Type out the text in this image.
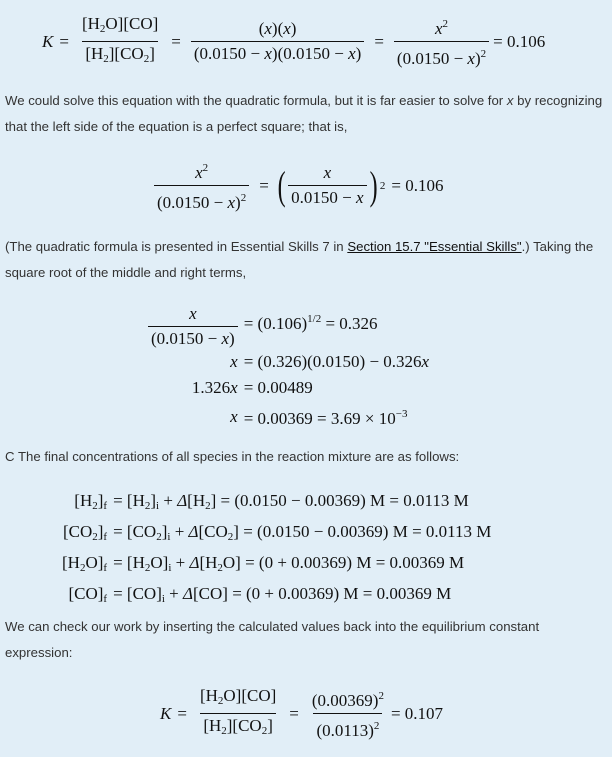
$K = \frac{[H_2O][CO]}{[H_2][CO_2]} = \frac{(x)(x)}{(0.0150 - x)(0.0150 - x)} = \frac{x^2}{(0.0150 - x)^2} = 0.106$
We could solve this equation with the quadratic formula, but it is far easier to solve for x by recognizing that the left side of the equation is a perfect square; that is,
$\frac{x^2}{(0.0150 - x)^2}$ = ( $\frac{x}{0.0150 - x}$ ) 2 = 0.106
(The quadratic formula is presented in Essential Skills 7 in Section 15.7 "Essential Skills".) Taking the square root of the middle and right terms,
$\frac{x}{(0.0150 - x)}$	= $(0.106)^{1/2} = 0.326$
x	= (0.326)(0.0150) − 0.326x
1.326x	= 0.00489
x	= $0.00369 = 3.69 \times 10^{-3}$
C The final concentrations of all species in the reaction mixture are as follows:
$[H_2]_f$	= $[H_2]_i + \Delta[H_2] = (0.0150 - 0.00369) M = 0.0113$ M
$[CO_2]_f$	= $[CO_2]_i + \Delta[CO_2] = (0.0150 - 0.00369) M = 0.0113$ M
$[H_2O]_f$	= $[H_2O]_i + \Delta[H_2O] = (0 + 0.00369) M = 0.00369$ M
$[CO]_f$	= $[CO]_i + \Delta[CO] = (0 + 0.00369) M = 0.00369$ M
We can check our work by inserting the calculated values back into the equilibrium constant expression:
$K = \frac{[H_2O][CO]}{[H_2][CO_2]} = \frac{(0.00369)^2}{(0.0113)^2} = 0.107$
